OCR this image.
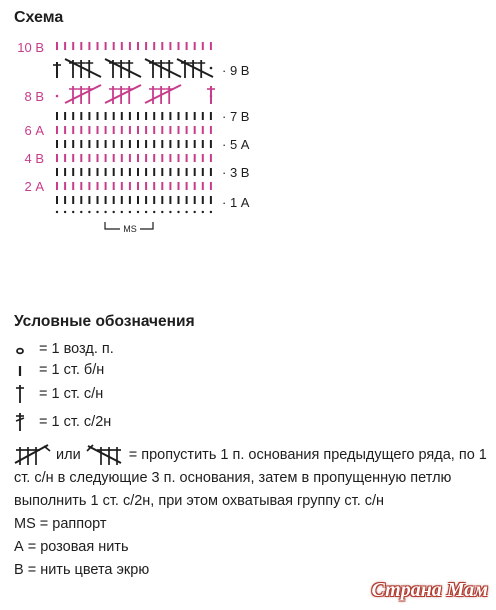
Схема
MS
10 В
8 В
6 А
4 В
2 А
· 9 В
· 7 В
· 5 А
· 3 В
· 1 А
Условные обозначения
= 1 возд. п.
= 1 ст. б/н
= 1 ст. с/н
= 1 ст. с/2н
или	= пропустить 1 п. основания предыдущего ряда, по 1 ст. с/н в следующие 3 п. основания, затем в пропущенную петлю выполнить 1 ст. с/2н, при этом охватывая группу ст. с/н
MS = раппорт
А = розовая нить
В = нить цвета экрю
Страна Мам
